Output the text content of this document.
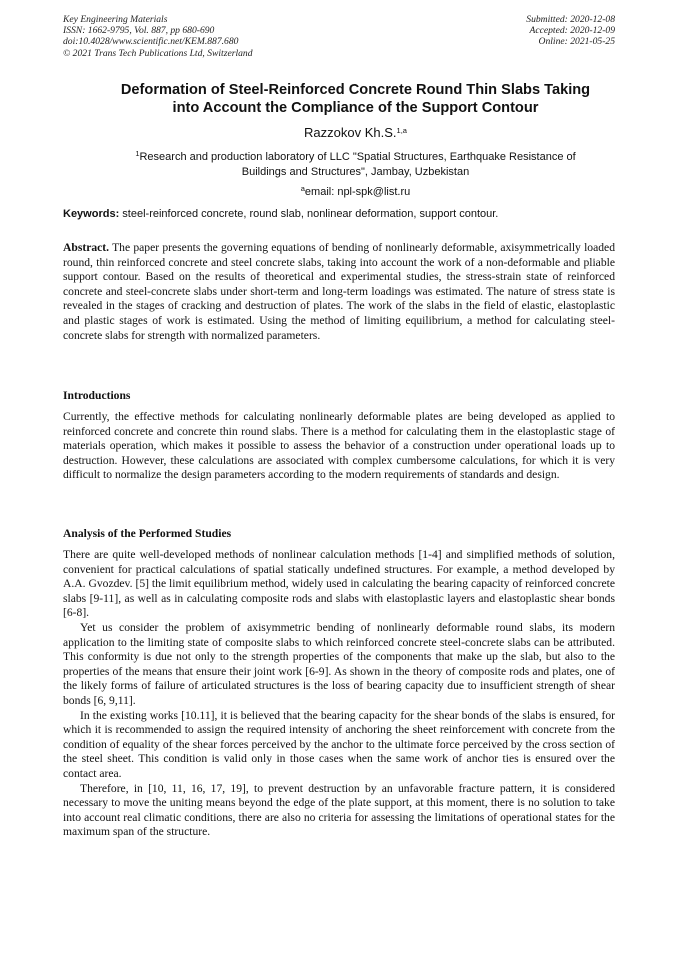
Key Engineering Materials
ISSN: 1662-9795, Vol. 887, pp 680-690
doi:10.4028/www.scientific.net/KEM.887.680
© 2021 Trans Tech Publications Ltd, Switzerland
Submitted: 2020-12-08
Accepted: 2020-12-09
Online: 2021-05-25
Deformation of Steel-Reinforced Concrete Round Thin Slabs Taking
into Account the Compliance of the Support Contour
Razzokov Kh.S.$^{1,a}$
$^1$Research and production laboratory of LLC "Spatial Structures, Earthquake Resistance of
Buildings and Structures", Jambay, Uzbekistan
$^a$email: npl-spk@list.ru
Keywords: steel-reinforced concrete, round slab, nonlinear deformation, support contour.

Abstract. The paper presents the governing equations of bending of nonlinearly deformable, axisymmetrically loaded round, thin reinforced concrete and steel concrete slabs, taking into account the work of a non-deformable and pliable support contour. Based on the results of theoretical and experimental studies, the stress-strain state of reinforced concrete and steel-concrete slabs under short-term and long-term loadings was estimated. The nature of stress state is revealed in the stages of cracking and destruction of plates. The work of the slabs in the field of elastic, elastoplastic and plastic stages of work is estimated. Using the method of limiting equilibrium, a method for calculating steel-concrete slabs for strength with normalized parameters.

Introductions

Currently, the effective methods for calculating nonlinearly deformable plates are being developed as applied to reinforced concrete and concrete thin round slabs. There is a method for calculating them in the elastoplastic stage of materials operation, which makes it possible to assess the behavior of a construction under operational loads up to destruction. However, these calculations are associated with complex cumbersome calculations, for which it is very difficult to normalize the design parameters according to the modern requirements of standards and design.

Analysis of the Performed Studies

There are quite well-developed methods of nonlinear calculation methods [1-4] and simplified methods of solution, convenient for practical calculations of spatial statically undefined structures. For example, a method developed by A.A. Gvozdev. [5] the limit equilibrium method, widely used in calculating the bearing capacity of reinforced concrete slabs [9-11], as well as in calculating composite rods and slabs with elastoplastic layers and elastoplastic shear bonds [6-8].

Yet us consider the problem of axisymmetric bending of nonlinearly deformable round slabs, its modern application to the limiting state of composite slabs to which reinforced concrete steel-concrete slabs can be attributed. This conformity is due not only to the strength properties of the components that make up the slab, but also to the properties of the means that ensure their joint work [6-9]. As shown in the theory of composite rods and plates, one of the likely forms of failure of articulated structures is the loss of bearing capacity due to insufficient strength of shear bonds [6, 9,11].

In the existing works [10.11], it is believed that the bearing capacity for the shear bonds of the slabs is ensured, for which it is recommended to assign the required intensity of anchoring the sheet reinforcement with concrete from the condition of equality of the shear forces perceived by the anchor to the ultimate force perceived by the cross section of the steel sheet. This condition is valid only in those cases when the same work of anchor ties is ensured over the contact area.

Therefore, in [10, 11, 16, 17, 19], to prevent destruction by an unfavorable fracture pattern, it is considered necessary to move the uniting means beyond the edge of the plate support, at this moment, there is no solution to take into account real climatic conditions, there are also no criteria for assessing the limitations of operational states for the maximum span of the structure.
